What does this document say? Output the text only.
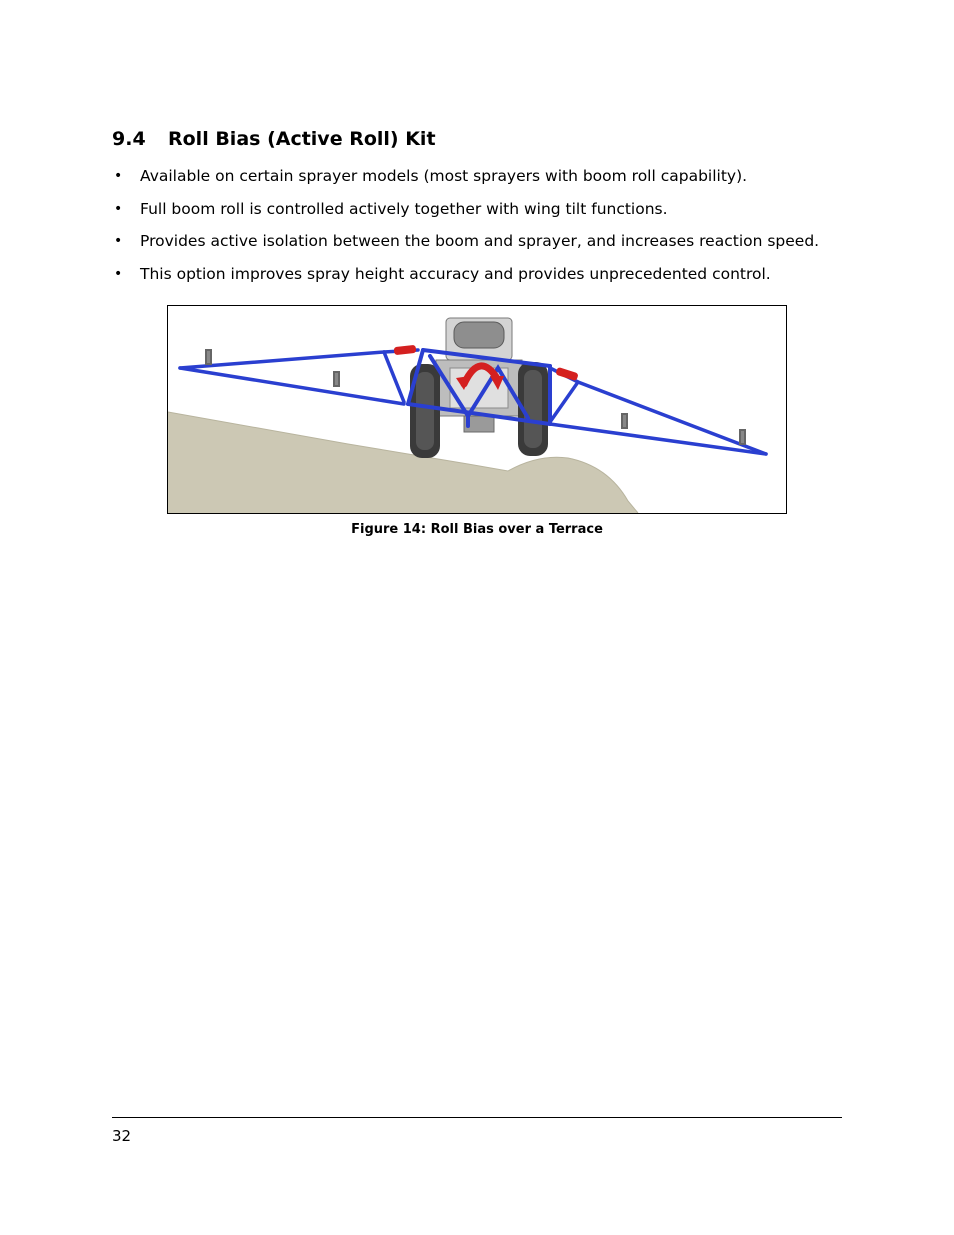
9.4 Roll Bias (Active Roll) Kit
• Available on certain sprayer models (most sprayers with boom roll capability).
• Full boom roll is controlled actively together with wing tilt functions.
• Provides active isolation between the boom and sprayer, and increases reaction speed.
• This option improves spray height accuracy and provides unprecedented control.
Figure 14: Roll Bias over a Terrace
32
